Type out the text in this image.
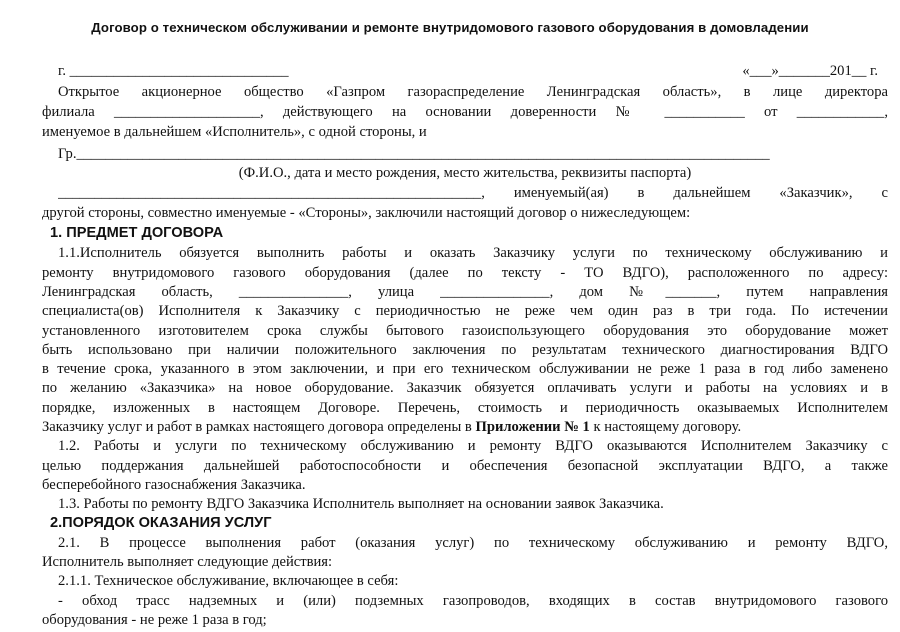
Договор о техническом обслуживании и ремонте внутридомового газового оборудования в домовладении
г. ______________________________	«___»_______201__ г.
Открытое акционерное общество «Газпром газораспределение Ленинградская область», в лице директора
филиала ____________________, действующего на основании доверенности № ___________ от ____________,
именуемое в дальнейшем «Исполнитель», с одной стороны, и
Гр._______________________________________________________________________________________________
(Ф.И.О., дата и место рождения, место жительства, реквизиты паспорта)
__________________________________________________________, именуемый(ая) в дальнейшем «Заказчик», с
другой стороны, совместно именуемые - «Стороны», заключили настоящий договор о нижеследующем:
1. ПРЕДМЕТ ДОГОВОРА
1.1.Исполнитель обязуется выполнить работы и оказать Заказчику услуги по техническому обслуживанию и
ремонту внутридомового газового оборудования (далее по тексту - ТО ВДГО), расположенного по адресу:
Ленинградская область, _______________, улица _______________, дом №_______, путем направления
специалиста(ов) Исполнителя к Заказчику с периодичностью не реже чем один раз в три года. По истечении
установленного изготовителем срока службы бытового газоиспользующего оборудования это оборудование может
быть использовано при наличии положительного заключения по результатам технического диагностирования ВДГО
в течение срока, указанного в этом заключении, и при его техническом обслуживании не реже 1 раза в год либо заменено
по желанию «Заказчика» на новое оборудование. Заказчик обязуется оплачивать услуги и работы на условиях и в
порядке, изложенных в настоящем Договоре. Перечень, стоимость и периодичность оказываемых Исполнителем
Заказчику услуг и работ в рамках настоящего договора определены в Приложении № 1 к настоящему договору.
1.2. Работы и услуги по техническому обслуживанию и ремонту ВДГО оказываются Исполнителем Заказчику с
целью поддержания дальнейшей работоспособности и обеспечения безопасной эксплуатации ВДГО, а также
бесперебойного газоснабжения Заказчика.
1.3. Работы по ремонту ВДГО Заказчика Исполнитель выполняет на основании заявок Заказчика.
2.ПОРЯДОК ОКАЗАНИЯ УСЛУГ
2.1. В процессе выполнения работ (оказания услуг) по техническому обслуживанию и ремонту ВДГО,
Исполнитель выполняет следующие действия:
2.1.1. Техническое обслуживание, включающее в себя:
- обход трасс надземных и (или) подземных газопроводов, входящих в состав внутридомового газового
оборудования - не реже 1 раза в год;
